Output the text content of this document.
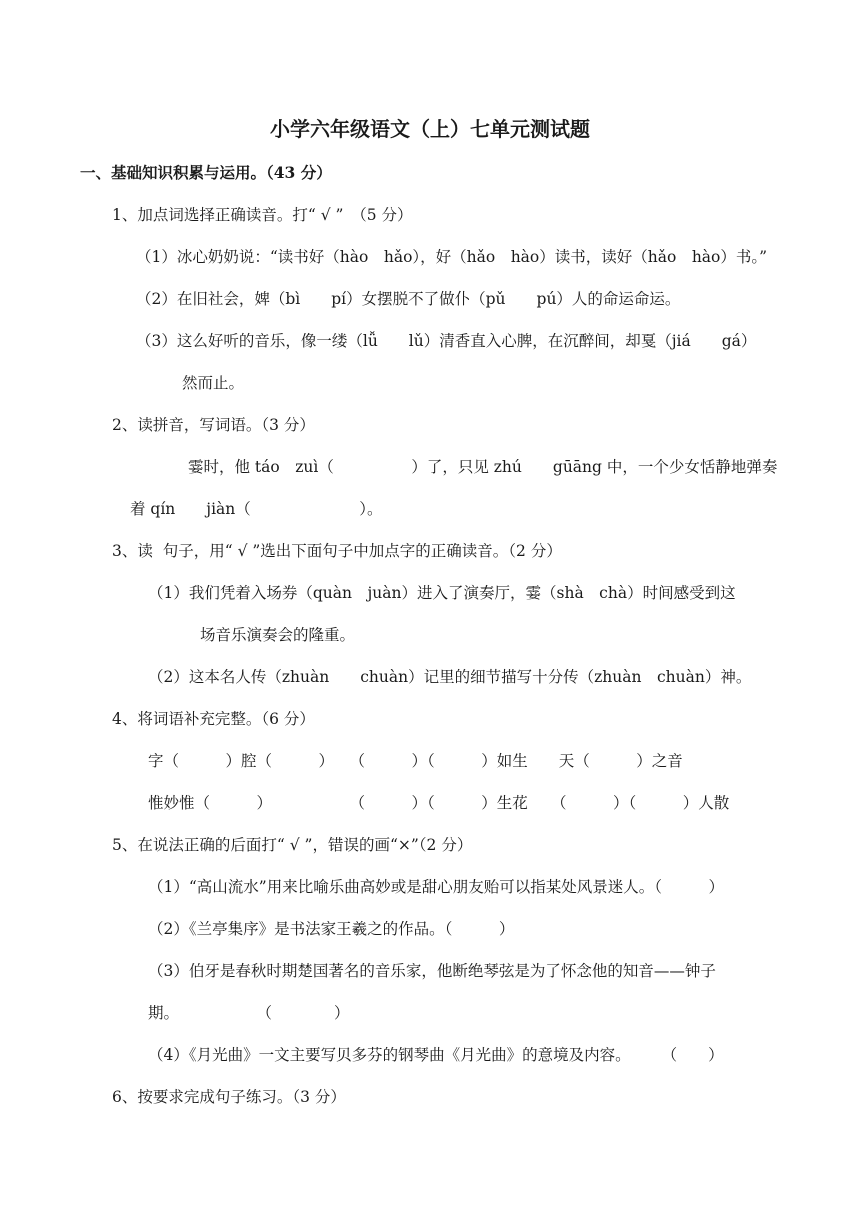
小学六年级语文（上）七单元测试题
一、基础知识积累与运用。（43 分）
1、加点词选择正确读音。打“ √ ”　（5 分）
（1）冰心奶奶说：“读书好（hào　hǎo），好（hǎo　hào）读书，读好（hǎo　hào）书。”
（2）在旧社会，婢（bì　　pí）女摆脱不了做仆（pǔ　　pú）人的命运命运。
（3）这么好听的音乐，像一缕（lǚ　　lǔ）清香直入心脾，在沉醉间，却戛（jiá　　gá）
然而止。
2、读拼音，写词语。（3 分）
霎时，他 táo　zuì（　　　　　）了，只见 zhú　　gūāng 中，一个少女恬静地弹奏
着 qín　　jiàn（　　　　　　　）。
3、读  句子，用“ √ ”选出下面句子中加点字的正确读音。（2 分）
（1）我们凭着入场券（quàn　juàn）进入了演奏厅，霎（shà　chà）时间感受到这
场音乐演奏会的隆重。
（2）这本名人传（zhuàn　　chuàn）记里的细节描写十分传（zhuàn　chuàn）神。
4、将词语补充完整。（6 分）
字（　　　）腔（　　　）　　（　　　）（　　　）如生　　天（　　　）之音
惟妙惟（　　　）　　　　　　（　　　）（　　　）生花　　（　　　）（　　　）人散
5、在说法正确的后面打“ √ ”，错误的画“×”（2 分）
（1）“高山流水”用来比喻乐曲高妙或是甜心朋友贻可以指某处风景迷人。（　　　）
（2）《兰亭集序》是书法家王羲之的作品。（　　　）
（3）伯牙是春秋时期楚国著名的音乐家，他断绝琴弦是为了怀念他的知音——钟子
期。　　　　　　（　　　　）
（4）《月光曲》一文主要写贝多芬的钢琴曲《月光曲》的意境及内容。　　　（　　）
6、按要求完成句子练习。（3 分）
